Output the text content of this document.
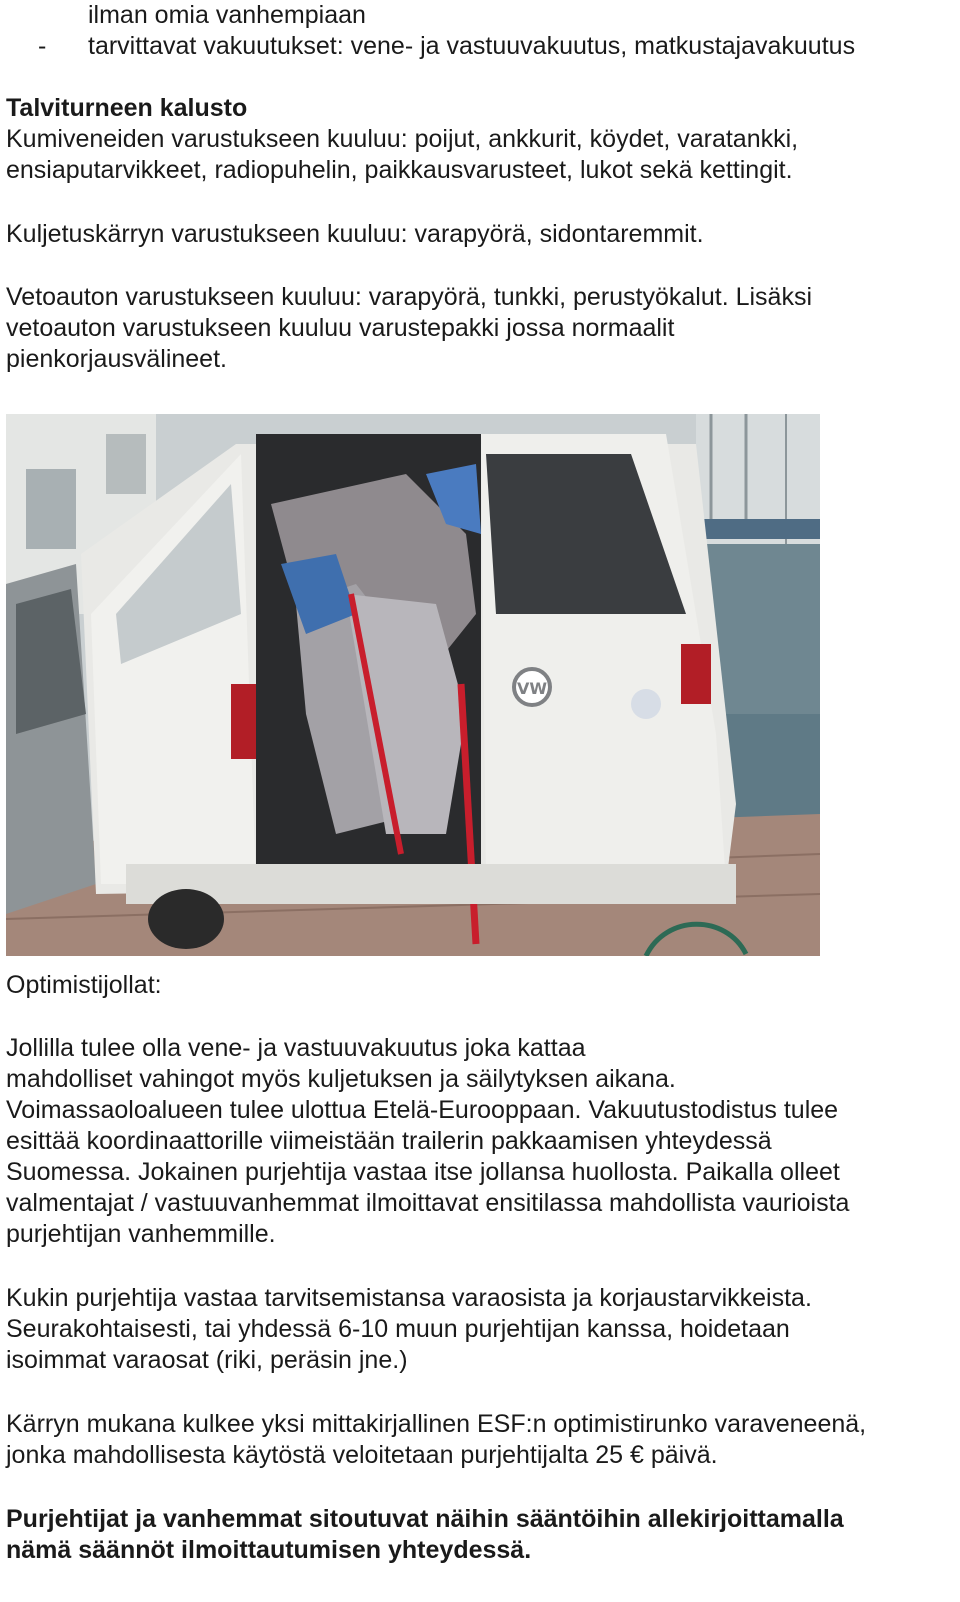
ilman omia vanhempiaan
- tarvittavat vakuutukset: vene- ja vastuuvakuutus, matkustajavakuutus
Talviturneen kalusto
Kumiveneiden varustukseen kuuluu: poijut, ankkurit, köydet, varatankki,
ensiaputarvikkeet, radiopuhelin, paikkausvarusteet, lukot sekä kettingit.
Kuljetuskärryn varustukseen kuuluu: varapyörä, sidontaremmit.
Vetoauton varustukseen kuuluu: varapyörä, tunkki, perustyökalut. Lisäksi
vetoauton varustukseen kuuluu varustepakki jossa normaalit
pienkorjausvälineet.
VW
Optimistijollat:
Jollilla tulee olla vene- ja vastuuvakuutus joka kattaa
mahdolliset vahingot myös kuljetuksen ja säilytyksen aikana.
Voimassaoloalueen tulee ulottua Etelä-Eurooppaan. Vakuutustodistus tulee
esittää koordinaattorille viimeistään trailerin pakkaamisen yhteydessä
Suomessa. Jokainen purjehtija vastaa itse jollansa huollosta. Paikalla olleet
valmentajat / vastuuvanhemmat ilmoittavat ensitilassa mahdollista vaurioista
purjehtijan vanhemmille.
Kukin purjehtija vastaa tarvitsemistansa varaosista ja korjaustarvikkeista.
Seurakohtaisesti, tai yhdessä 6-10 muun purjehtijan kanssa, hoidetaan
isoimmat varaosat (riki, peräsin jne.)
Kärryn mukana kulkee yksi mittakirjallinen ESF:n optimistirunko varaveneenä,
jonka mahdollisesta käytöstä veloitetaan purjehtijalta 25 € päivä.
Purjehtijat ja vanhemmat sitoutuvat näihin sääntöihin allekirjoittamalla
nämä säännöt ilmoittautumisen yhteydessä.
